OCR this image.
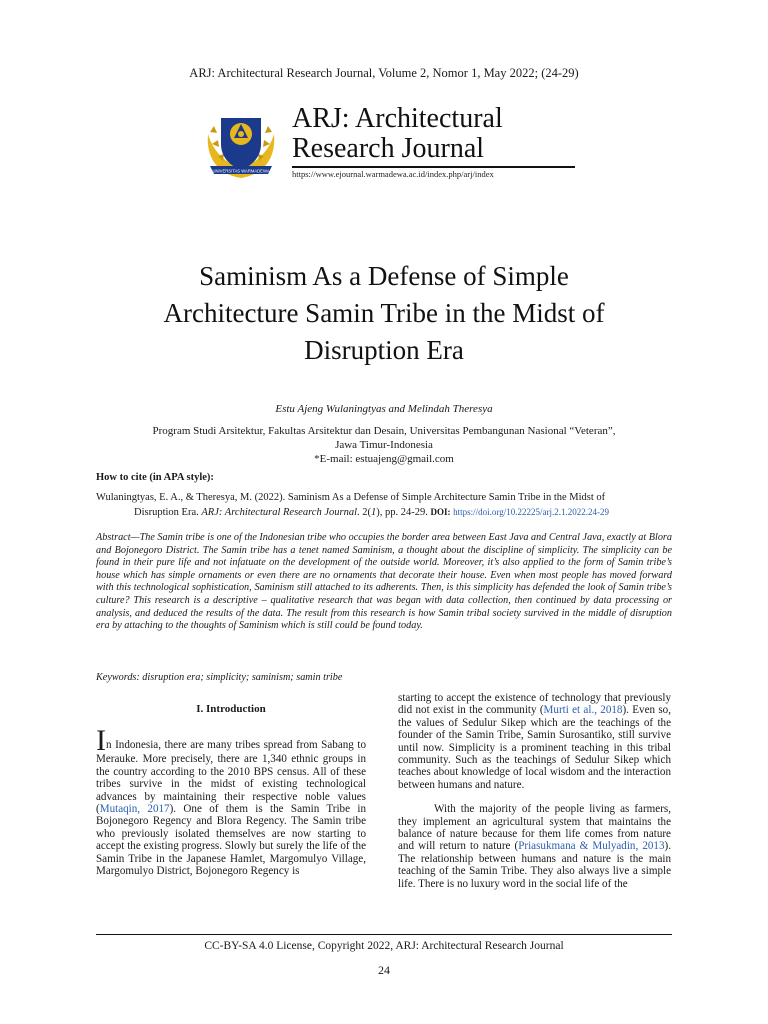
ARJ: Architectural Research Journal, Volume 2, Nomor 1, May 2022; (24-29)
UNIVERSITAS WARMADEWA
ARJ: Architectural
Research Journal
https://www.ejournal.warmadewa.ac.id/index.php/arj/index
Saminism As a Defense of Simple
Architecture Samin Tribe in the Midst of
Disruption Era
Estu Ajeng Wulaningtyas and Melindah Theresya
Program Studi Arsitektur, Fakultas Arsitektur dan Desain, Universitas Pembangunan Nasional “Veteran”,
Jawa Timur-Indonesia
*E-mail: estuajeng@gmail.com
How to cite (in APA style):
Wulaningtyas, E. A., & Theresya, M. (2022). Saminism As a Defense of Simple Architecture Samin Tribe in the Midst of
Disruption Era. ARJ: Architectural Research Journal. 2(1), pp. 24-29. DOI: https://doi.org/10.22225/arj.2.1.2022.24-29
Abstract—The Samin tribe is one of the Indonesian tribe who occupies the border area between East Java and Central Java, exactly at Blora and Bojonegoro District. The Samin tribe has a tenet named Saminism, a thought about the discipline of simplicity. The simplicity can be found in their pure life and not infatuate on the development of the outside world. Moreover, it’s also applied to the form of Samin tribe’s house which has simple ornaments or even there are no ornaments that decorate their house. Even when most people has moved forward with this technological sophistication, Saminism still attached to its adherents. Then, is this simplicity has defended the look of Samin tribe’s culture? This research is a descriptive – qualitative research that was began with data collection, then continued by data processing or analysis, and deduced the results of the data. The result from this research is how Samin tribal society survived in the middle of disruption era by attaching to the thoughts of Saminism which is still could be found today.
Keywords: disruption era; simplicity; saminism; samin tribe
I. Introduction

In Indonesia, there are many tribes spread from Sabang to Merauke. More precisely, there are 1,340 ethnic groups in the country according to the 2010 BPS census. All of these tribes survive in the midst of existing technological advances by maintaining their respective noble values (Mutaqin, 2017). One of them is the Samin Tribe in Bojonegoro Regency and Blora Regency. The Samin tribe who previously isolated themselves are now starting to accept the existing progress. Slowly but surely the life of the Samin Tribe in the Japanese Hamlet, Margomulyo Village, Margomulyo District, Bojonegoro Regency is

starting to accept the existence of technology that previously did not exist in the community (Murti et al., 2018). Even so, the values of Sedulur Sikep which are the teachings of the founder of the Samin Tribe, Samin Surosantiko, still survive until now. Simplicity is a prominent teaching in this tribal community. Such as the teachings of Sedulur Sikep which teaches about knowledge of local wisdom and the interaction between humans and nature.

With the majority of the people living as farmers, they implement an agricultural system that maintains the balance of nature because for them life comes from nature and will return to nature (Priasukmana & Mulyadin, 2013). The relationship between humans and nature is the main teaching of the Samin Tribe. They also always live a simple life. There is no luxury word in the social life of the

CC-BY-SA 4.0 License, Copyright 2022, ARJ: Architectural Research Journal
24
